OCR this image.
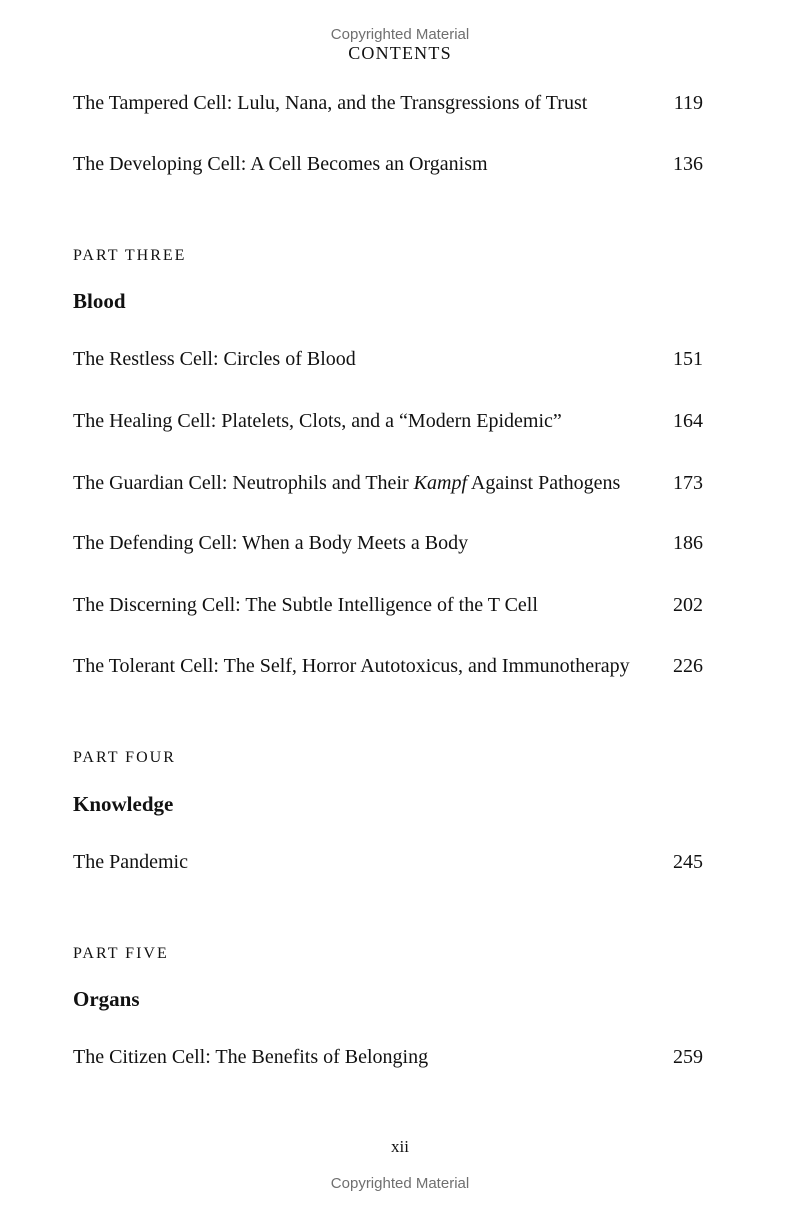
Copyrighted Material
CONTENTS
The Tampered Cell: Lulu, Nana, and the Transgressions of Trust	119
The Developing Cell: A Cell Becomes an Organism	136
PART THREE
Blood
The Restless Cell: Circles of Blood	151
The Healing Cell: Platelets, Clots, and a “Modern Epidemic”	164
The Guardian Cell: Neutrophils and Their Kampf Against Pathogens	173
The Defending Cell: When a Body Meets a Body	186
The Discerning Cell: The Subtle Intelligence of the T Cell	202
The Tolerant Cell: The Self, Horror Autotoxicus, and Immunotherapy 226
PART FOUR
Knowledge
The Pandemic	245
PART FIVE
Organs
The Citizen Cell: The Benefits of Belonging	259
xii
Copyrighted Material
